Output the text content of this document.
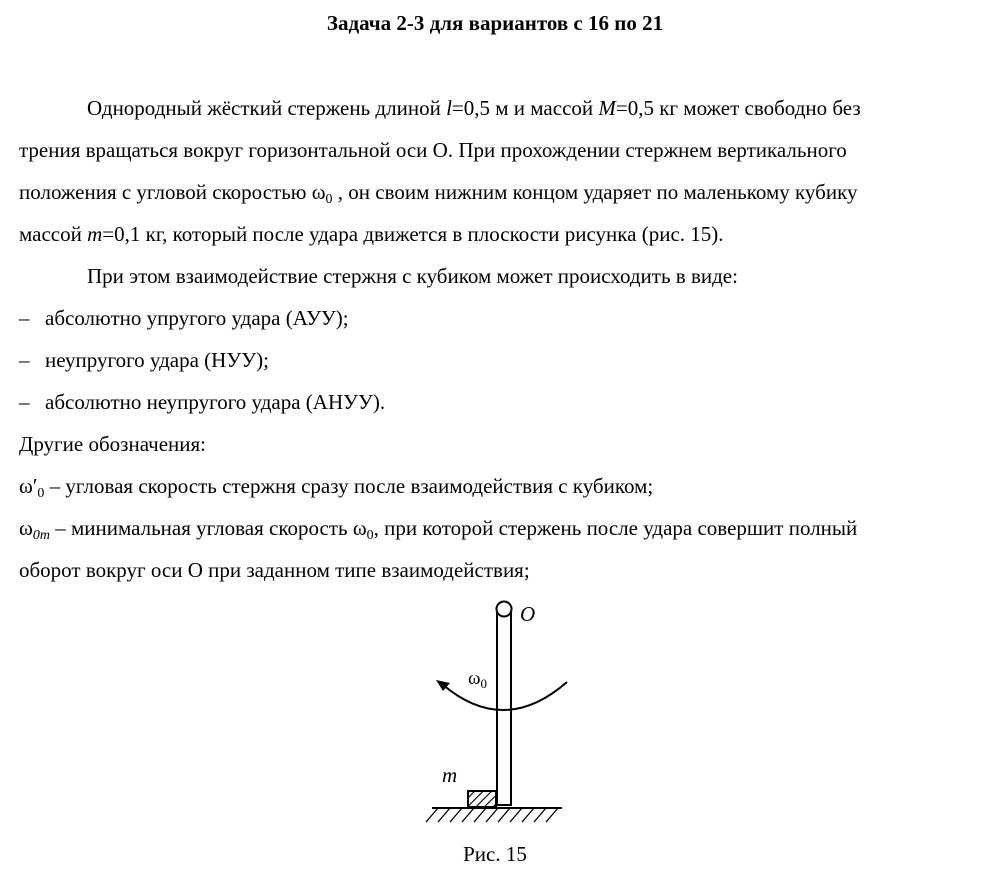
Задача 2-3 для вариантов с 16 по 21
Однородный жёсткий стержень длиной l=0,5 м и массой M=0,5 кг может свободно без
трения вращаться вокруг горизонтальной оси О. При прохождении стержнем вертикального
положения с угловой скоростью $\omega_0$ , он своим нижним концом ударяет по маленькому кубику
массой m=0,1 кг, который после удара движется в плоскости рисунка (рис. 15).
При этом взаимодействие стержня с кубиком может происходить в виде:
– абсолютно упругого удара (АУУ);
– неупругого удара (НУУ);
– абсолютно неупругого удара (АНУУ).
Другие обозначения:
$\omega'_0$ – угловая скорость стержня сразу после взаимодействия с кубиком;
$\omega_{0m}$ – минимальная угловая скорость $\omega_0$, при которой стержень после удара совершит полный
оборот вокруг оси O при заданном типе взаимодействия;
O
$\omega_0$
m
Рис. 15
